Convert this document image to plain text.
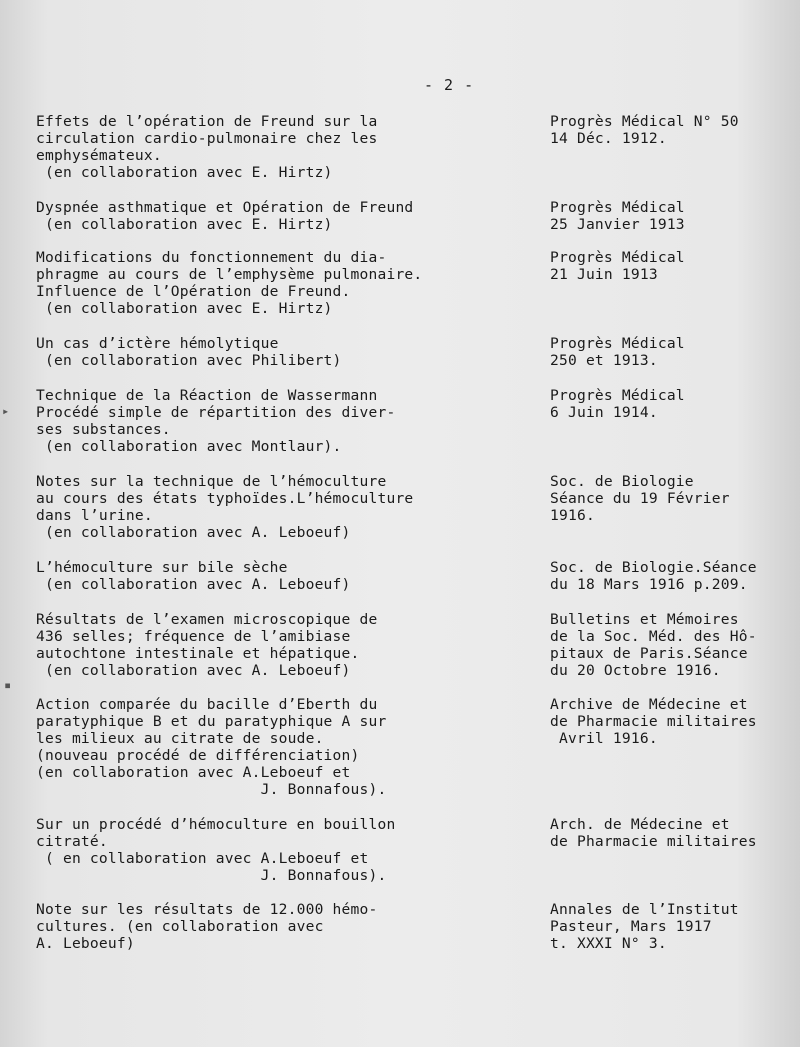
- 2 -
Effets de l’opération de Freund sur la
circulation cardio-pulmonaire chez les
emphysémateux.
(en collaboration avec E. Hirtz)
Progrès Médical N° 50
14 Déc. 1912.
Dyspnée asthmatique et Opération de Freund
(en collaboration avec E. Hirtz)
Progrès Médical
25 Janvier 1913
Modifications du fonctionnement du dia-
phragme au cours de l’emphysème pulmonaire.
Influence de l’Opération de Freund.
(en collaboration avec E. Hirtz)
Progrès Médical
21 Juin 1913
Un cas d’ictère hémolytique
(en collaboration avec Philibert)
Progrès Médical
250 et 1913.
Technique de la Réaction de Wassermann
Procédé simple de répartition des diver-
ses substances.
(en collaboration avec Montlaur).
Progrès Médical
6 Juin 1914.
Notes sur la technique de l’hémoculture
au cours des états typhoïdes.L’hémoculture
dans l’urine.
(en collaboration avec A. Leboeuf)
Soc. de Biologie
Séance du 19 Février
1916.
L’hémoculture sur bile sèche
(en collaboration avec A. Leboeuf)
Soc. de Biologie.Séance
du 18 Mars 1916 p.209.
Résultats de l’examen microscopique de
436 selles; fréquence de l’amibiase
autochtone intestinale et hépatique.
(en collaboration avec A. Leboeuf)
Bulletins et Mémoires
de la Soc. Méd. des Hô-
pitaux de Paris.Séance
du 20 Octobre 1916.
Action comparée du bacille d’Eberth du
paratyphique B et du paratyphique A sur
les milieux au citrate de soude.
(nouveau procédé de différenciation)
(en collaboration avec A.Leboeuf et
J. Bonnafous).
Archive de Médecine et
de Pharmacie militaires
Avril 1916.
Sur un procédé d’hémoculture en bouillon
citraté.
( en collaboration avec A.Leboeuf et
J. Bonnafous).
Arch. de Médecine et
de Pharmacie militaires
Note sur les résultats de 12.000 hémo-
cultures. (en collaboration avec
A. Leboeuf)
Annales de l’Institut
Pasteur, Mars 1917
t. XXXI N° 3.
▸
▪
